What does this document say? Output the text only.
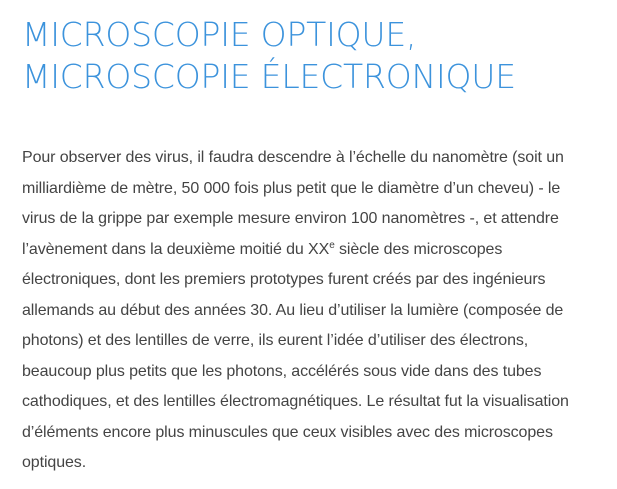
MICROSCOPIE OPTIQUE,
MICROSCOPIE ÉLECTRONIQUE

Pour observer des virus, il faudra descendre à l’échelle du nanomètre (soit un
milliardième de mètre, 50 000 fois plus petit que le diamètre d’un cheveu) - le
virus de la grippe par exemple mesure environ 100 nanomètres -, et attendre
l’avènement dans la deuxième moitié du XXe siècle des microscopes
électroniques, dont les premiers prototypes furent créés par des ingénieurs
allemands au début des années 30. Au lieu d’utiliser la lumière (composée de
photons) et des lentilles de verre, ils eurent l’idée d’utiliser des électrons,
beaucoup plus petits que les photons, accélérés sous vide dans des tubes
cathodiques, et des lentilles électromagnétiques. Le résultat fut la visualisation
d’éléments encore plus minuscules que ceux visibles avec des microscopes
optiques.
